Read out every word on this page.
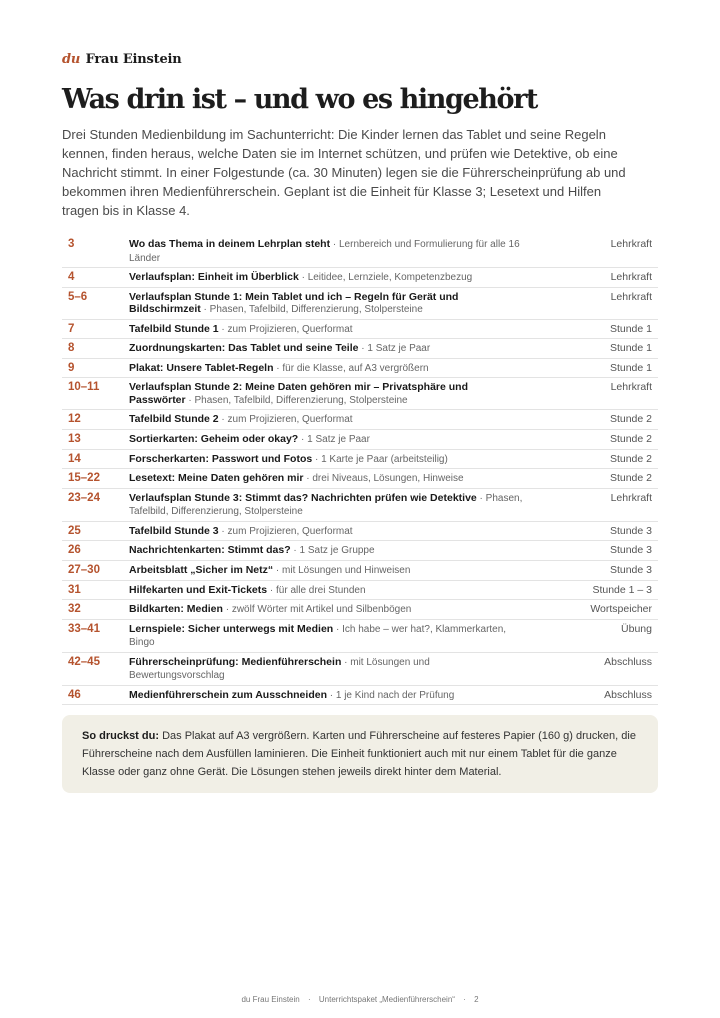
du Frau Einstein
Was drin ist – und wo es hingehört

Drei Stunden Medienbildung im Sachunterricht: Die Kinder lernen das Tablet und seine Regeln kennen, finden heraus, welche Daten sie im Internet schützen, und prüfen wie Detektive, ob eine Nachricht stimmt. In einer Folgestunde (ca. 30 Minuten) legen sie die Führerscheinprüfung ab und bekommen ihren Medienführerschein. Geplant ist die Einheit für Klasse 3; Lesetext und Hilfen tragen bis in Klasse 4.

3	Wo das Thema in deinem Lehrplan steht · Lernbereich und Formulierung für alle 16 Länder	Lehrkraft
4	Verlaufsplan: Einheit im Überblick · Leitidee, Lernziele, Kompetenzbezug	Lehrkraft
5–6	Verlaufsplan Stunde 1: Mein Tablet und ich – Regeln für Gerät und Bildschirmzeit · Phasen, Tafelbild, Differenzierung, Stolpersteine	Lehrkraft
7	Tafelbild Stunde 1 · zum Projizieren, Querformat	Stunde 1
8	Zuordnungskarten: Das Tablet und seine Teile · 1 Satz je Paar	Stunde 1
9	Plakat: Unsere Tablet-Regeln · für die Klasse, auf A3 vergrößern	Stunde 1
10–11	Verlaufsplan Stunde 2: Meine Daten gehören mir – Privatsphäre und Passwörter · Phasen, Tafelbild, Differenzierung, Stolpersteine	Lehrkraft
12	Tafelbild Stunde 2 · zum Projizieren, Querformat	Stunde 2
13	Sortierkarten: Geheim oder okay? · 1 Satz je Paar	Stunde 2
14	Forscherkarten: Passwort und Fotos · 1 Karte je Paar (arbeitsteilig)	Stunde 2
15–22	Lesetext: Meine Daten gehören mir · drei Niveaus, Lösungen, Hinweise	Stunde 2
23–24	Verlaufsplan Stunde 3: Stimmt das? Nachrichten prüfen wie Detektive · Phasen, Tafelbild, Differenzierung, Stolpersteine	Lehrkraft
25	Tafelbild Stunde 3 · zum Projizieren, Querformat	Stunde 3
26	Nachrichtenkarten: Stimmt das? · 1 Satz je Gruppe	Stunde 3
27–30	Arbeitsblatt „Sicher im Netz“ · mit Lösungen und Hinweisen	Stunde 3
31	Hilfekarten und Exit-Tickets · für alle drei Stunden	Stunde 1 – 3
32	Bildkarten: Medien · zwölf Wörter mit Artikel und Silbenbögen	Wortspeicher
33–41	Lernspiele: Sicher unterwegs mit Medien · Ich habe – wer hat?, Klammerkarten, Bingo	Übung
42–45	Führerscheinprüfung: Medienführerschein · mit Lösungen und Bewertungsvorschlag	Abschluss
46	Medienführerschein zum Ausschneiden · 1 je Kind nach der Prüfung	Abschluss
So druckst du: Das Plakat auf A3 vergrößern. Karten und Führerscheine auf festeres Papier (160 g) drucken, die Führerscheine nach dem Ausfüllen laminieren. Die Einheit funktioniert auch mit nur einem Tablet für die ganze Klasse oder ganz ohne Gerät. Die Lösungen stehen jeweils direkt hinter dem Material.
du Frau Einstein · Unterrichtspaket „Medienführerschein“ · 2
